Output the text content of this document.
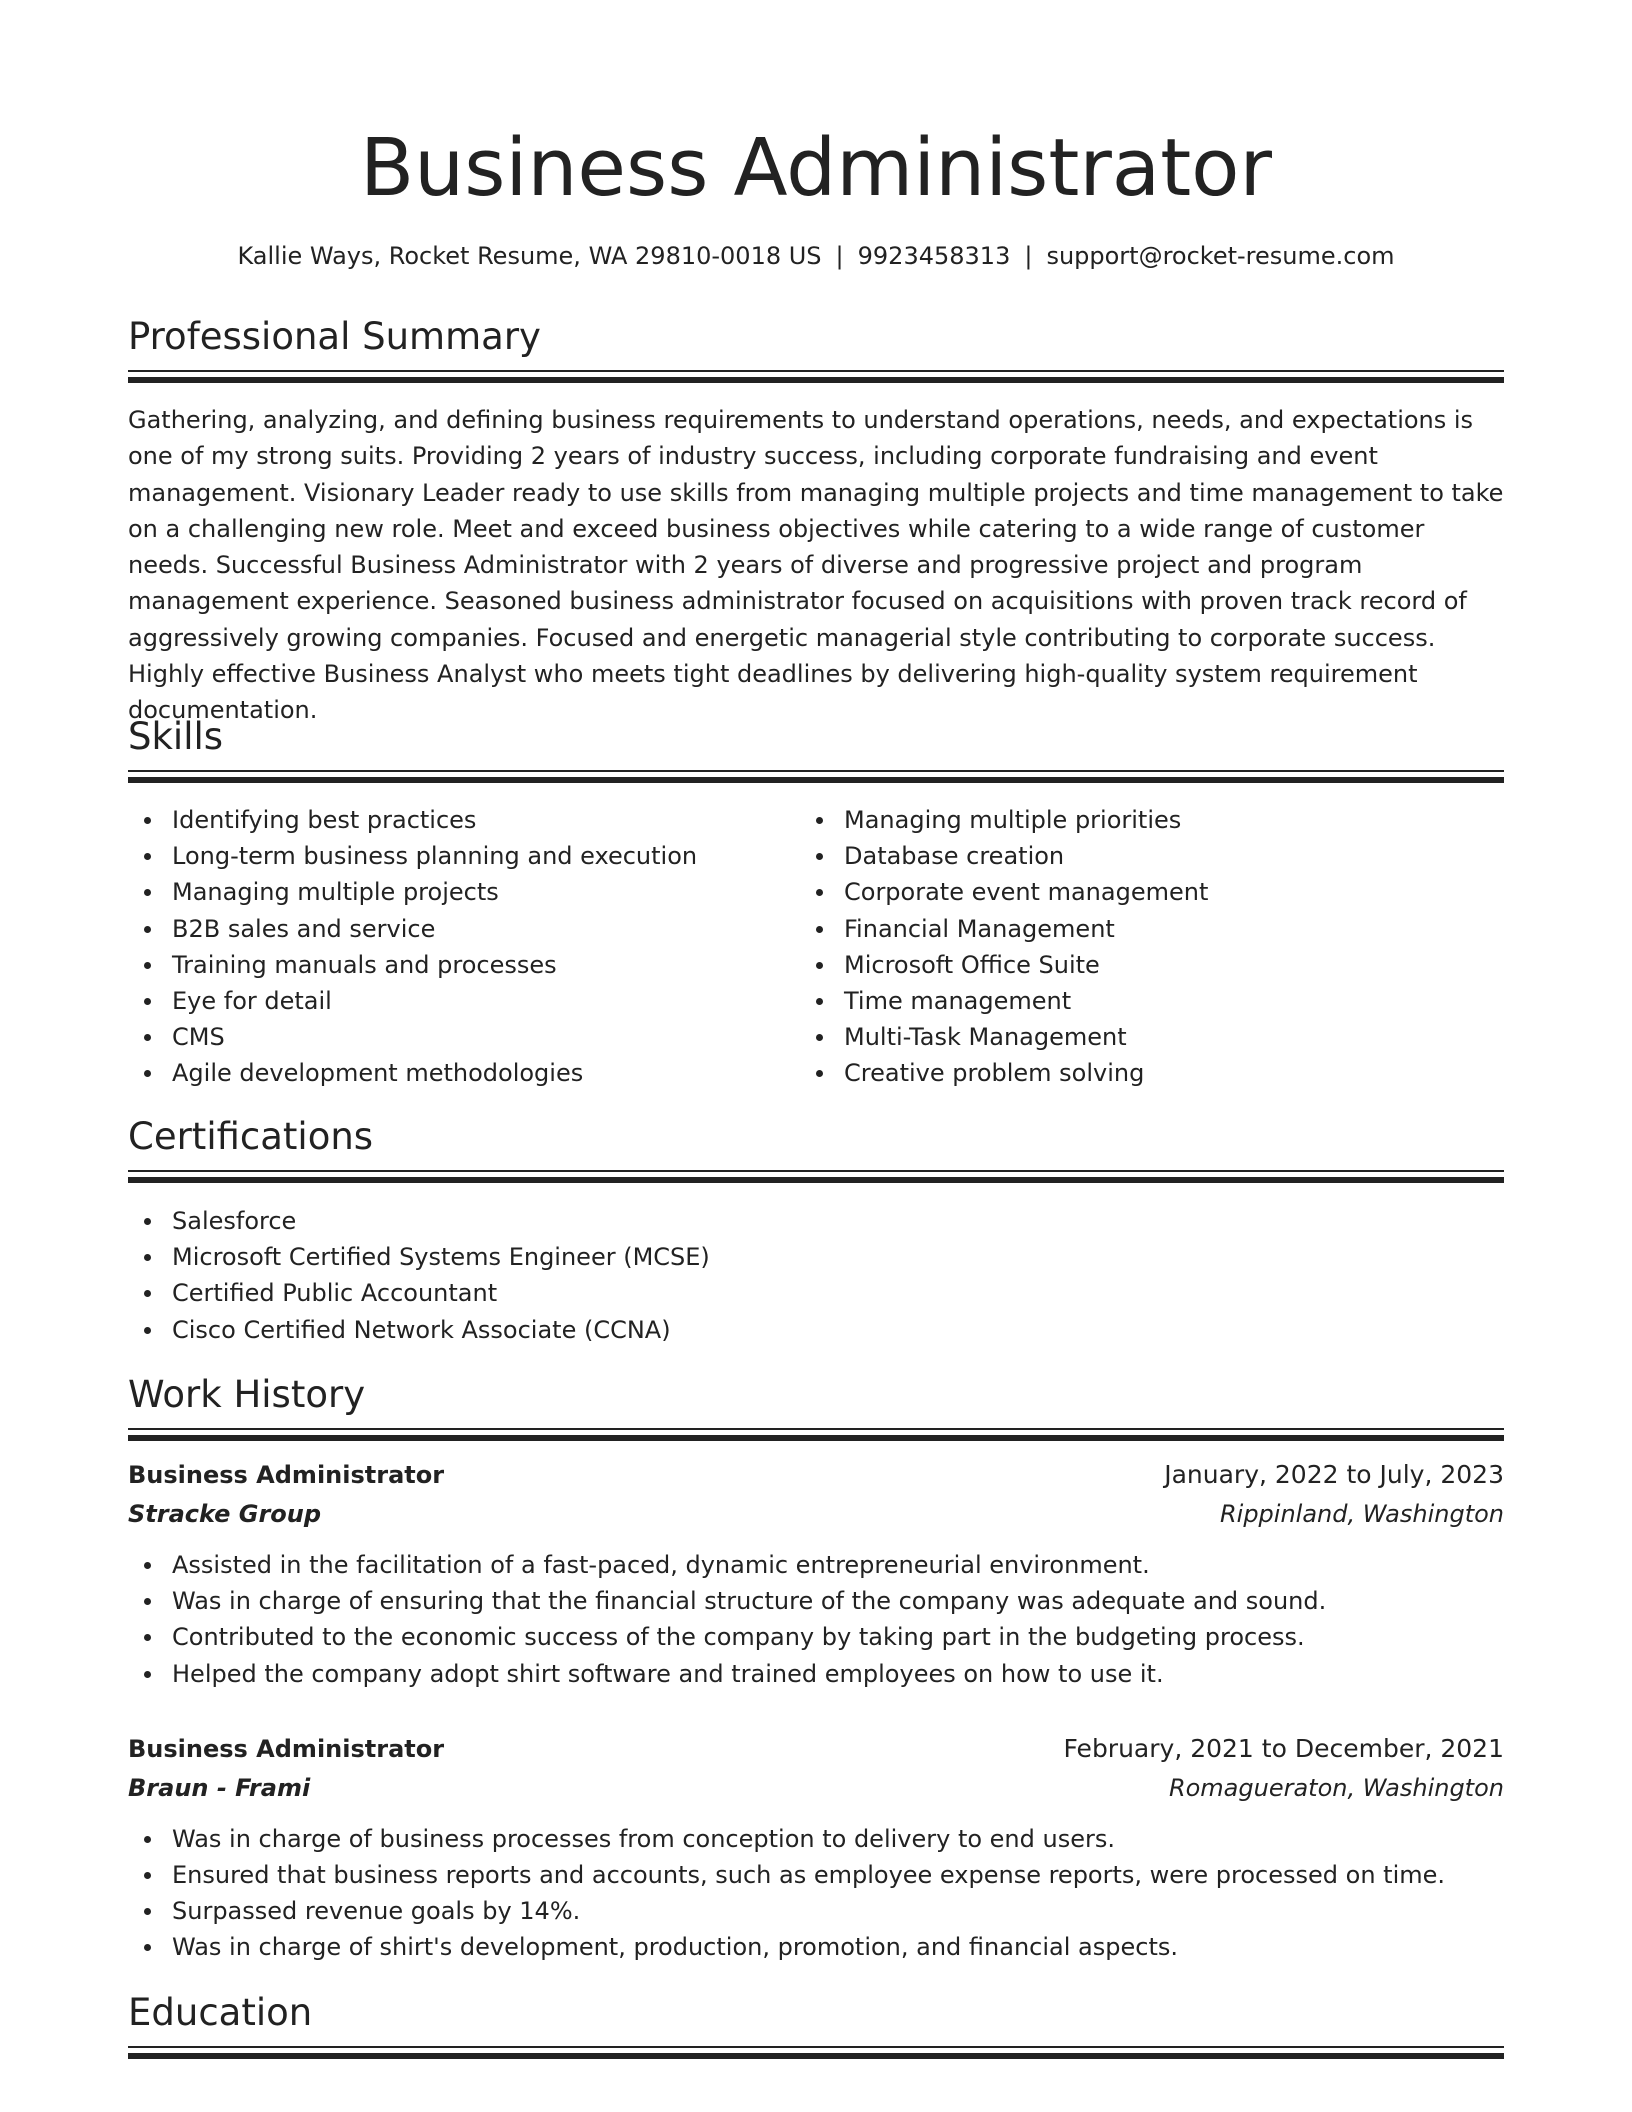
Business Administrator
Kallie Ways, Rocket Resume, WA 29810-0018 US | 9923458313 | support@rocket-resume.com
Professional Summary

Gathering, analyzing, and defining business requirements to understand operations, needs, and expectations is one of my strong suits. Providing 2 years of industry success, including corporate fundraising and event management. Visionary Leader ready to use skills from managing multiple projects and time management to take on a challenging new role. Meet and exceed business objectives while catering to a wide range of customer needs. Successful Business Administrator with 2 years of diverse and progressive project and program management experience. Seasoned business administrator focused on acquisitions with proven track record of aggressively growing companies. Focused and energetic managerial style contributing to corporate success. Highly effective Business Analyst who meets tight deadlines by delivering high-quality system requirement documentation.

Skills
Identifying best practices
Long-term business planning and execution
Managing multiple projects
B2B sales and service
Training manuals and processes
Eye for detail
CMS
Agile development methodologies
Managing multiple priorities
Database creation
Corporate event management
Financial Management
Microsoft Office Suite
Time management
Multi-Task Management
Creative problem solving
Certifications
Salesforce
Microsoft Certified Systems Engineer (MCSE)
Certified Public Accountant
Cisco Certified Network Associate (CCNA)
Work History
Business Administrator	January, 2022 to July, 2023
Stracke Group	Rippinland, Washington
Assisted in the facilitation of a fast-paced, dynamic entrepreneurial environment.
Was in charge of ensuring that the financial structure of the company was adequate and sound.
Contributed to the economic success of the company by taking part in the budgeting process.
Helped the company adopt shirt software and trained employees on how to use it.
Business Administrator	February, 2021 to December, 2021
Braun - Frami	Romagueraton, Washington
Was in charge of business processes from conception to delivery to end users.
Ensured that business reports and accounts, such as employee expense reports, were processed on time.
Surpassed revenue goals by 14%.
Was in charge of shirt's development, production, promotion, and financial aspects.
Education
